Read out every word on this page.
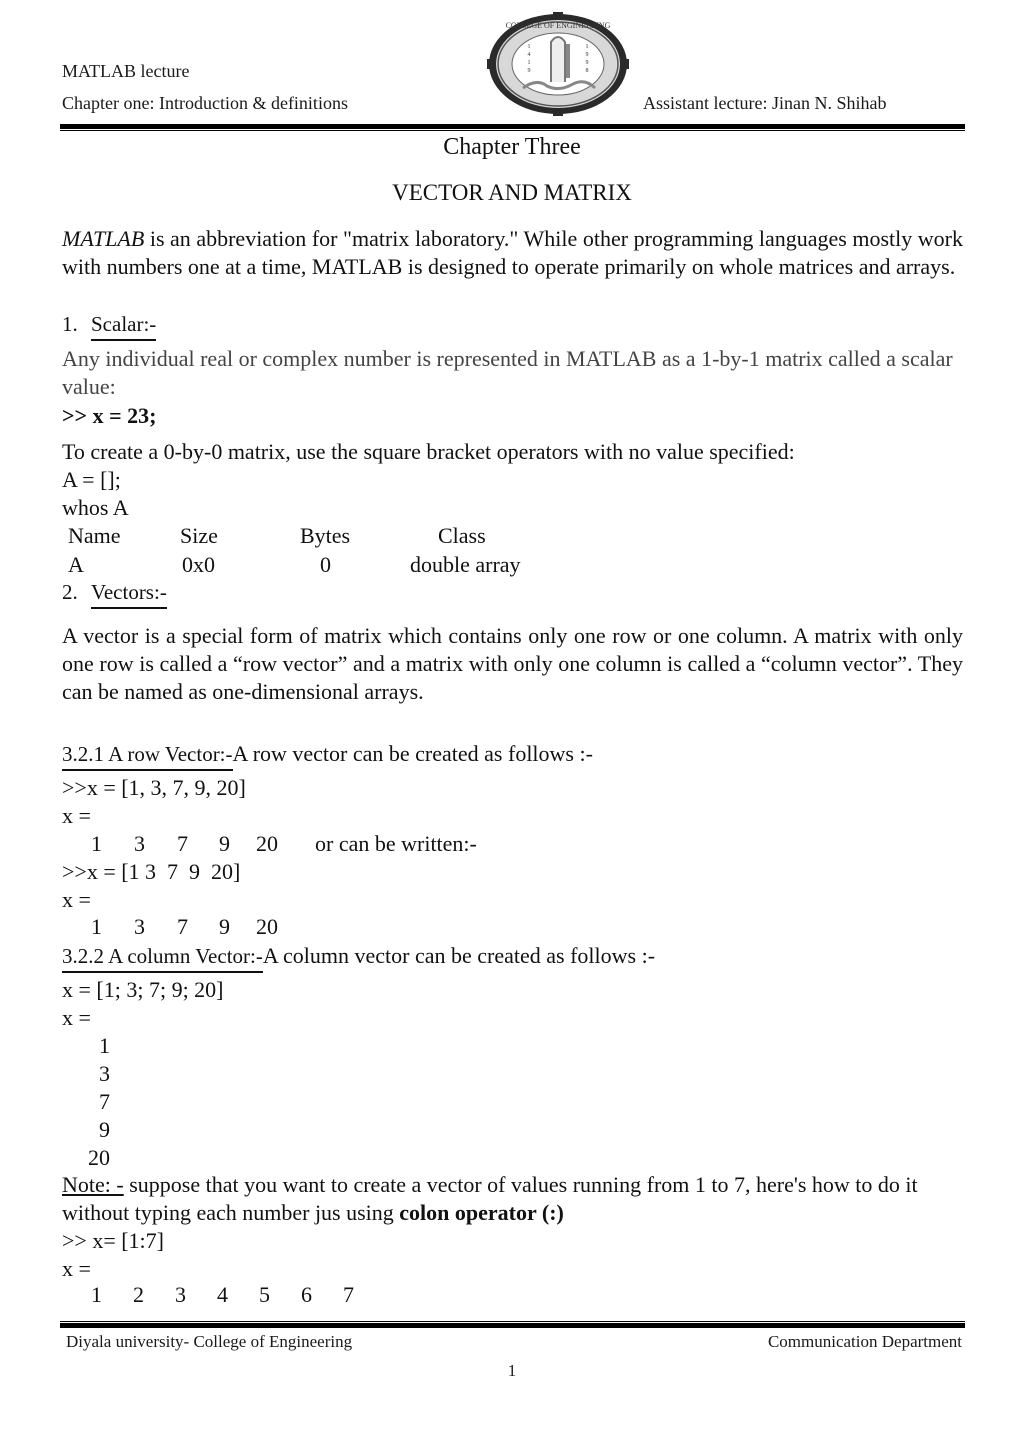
MATLAB lecture
Chapter one: Introduction & definitions	Assistant lecture: Jinan N. Shihab
COLLEGE OF ENGINEERING
1
4
1
9
1
9
9
8
Chapter Three
VECTOR AND MATRIX
MATLAB is an abbreviation for "matrix laboratory." While other programming languages mostly work with numbers one at a time, MATLAB is designed to operate primarily on whole matrices and arrays.
1. Scalar:-
Any individual real or complex number is represented in MATLAB as a 1-by-1 matrix called a scalar value:
>> x = 23;
To create a 0-by-0 matrix, use the square bracket operators with no value specified:
A = [];
whos A
Name	Size	Bytes	Class
A	0x0	0	double array
2. Vectors:-
A vector is a special form of matrix which contains only one row or one column. A matrix with only one row is called a “row vector” and a matrix with only one column is called a “column vector”. They can be named as one-dimensional arrays.
3.2.1 A row Vector:-A row vector can be created as follows :-
>>x = [1, 3, 7, 9, 20]
x =
1 3 7 9 20 or can be written:-
>>x = [1 3  7  9  20]
x =
1 3 7 9 20
3.2.2 A column Vector:-A column vector can be created as follows :-
x = [1; 3; 7; 9; 20]
x =
1
3
7
9
20
Note: - suppose that you want to create a vector of values running from 1 to 7, here's how to do it without typing each number jus using colon operator (:)
>> x= [1:7]
x =
1 2 3 4 5 6 7
Diyala university- College of Engineering	Communication Department
1
